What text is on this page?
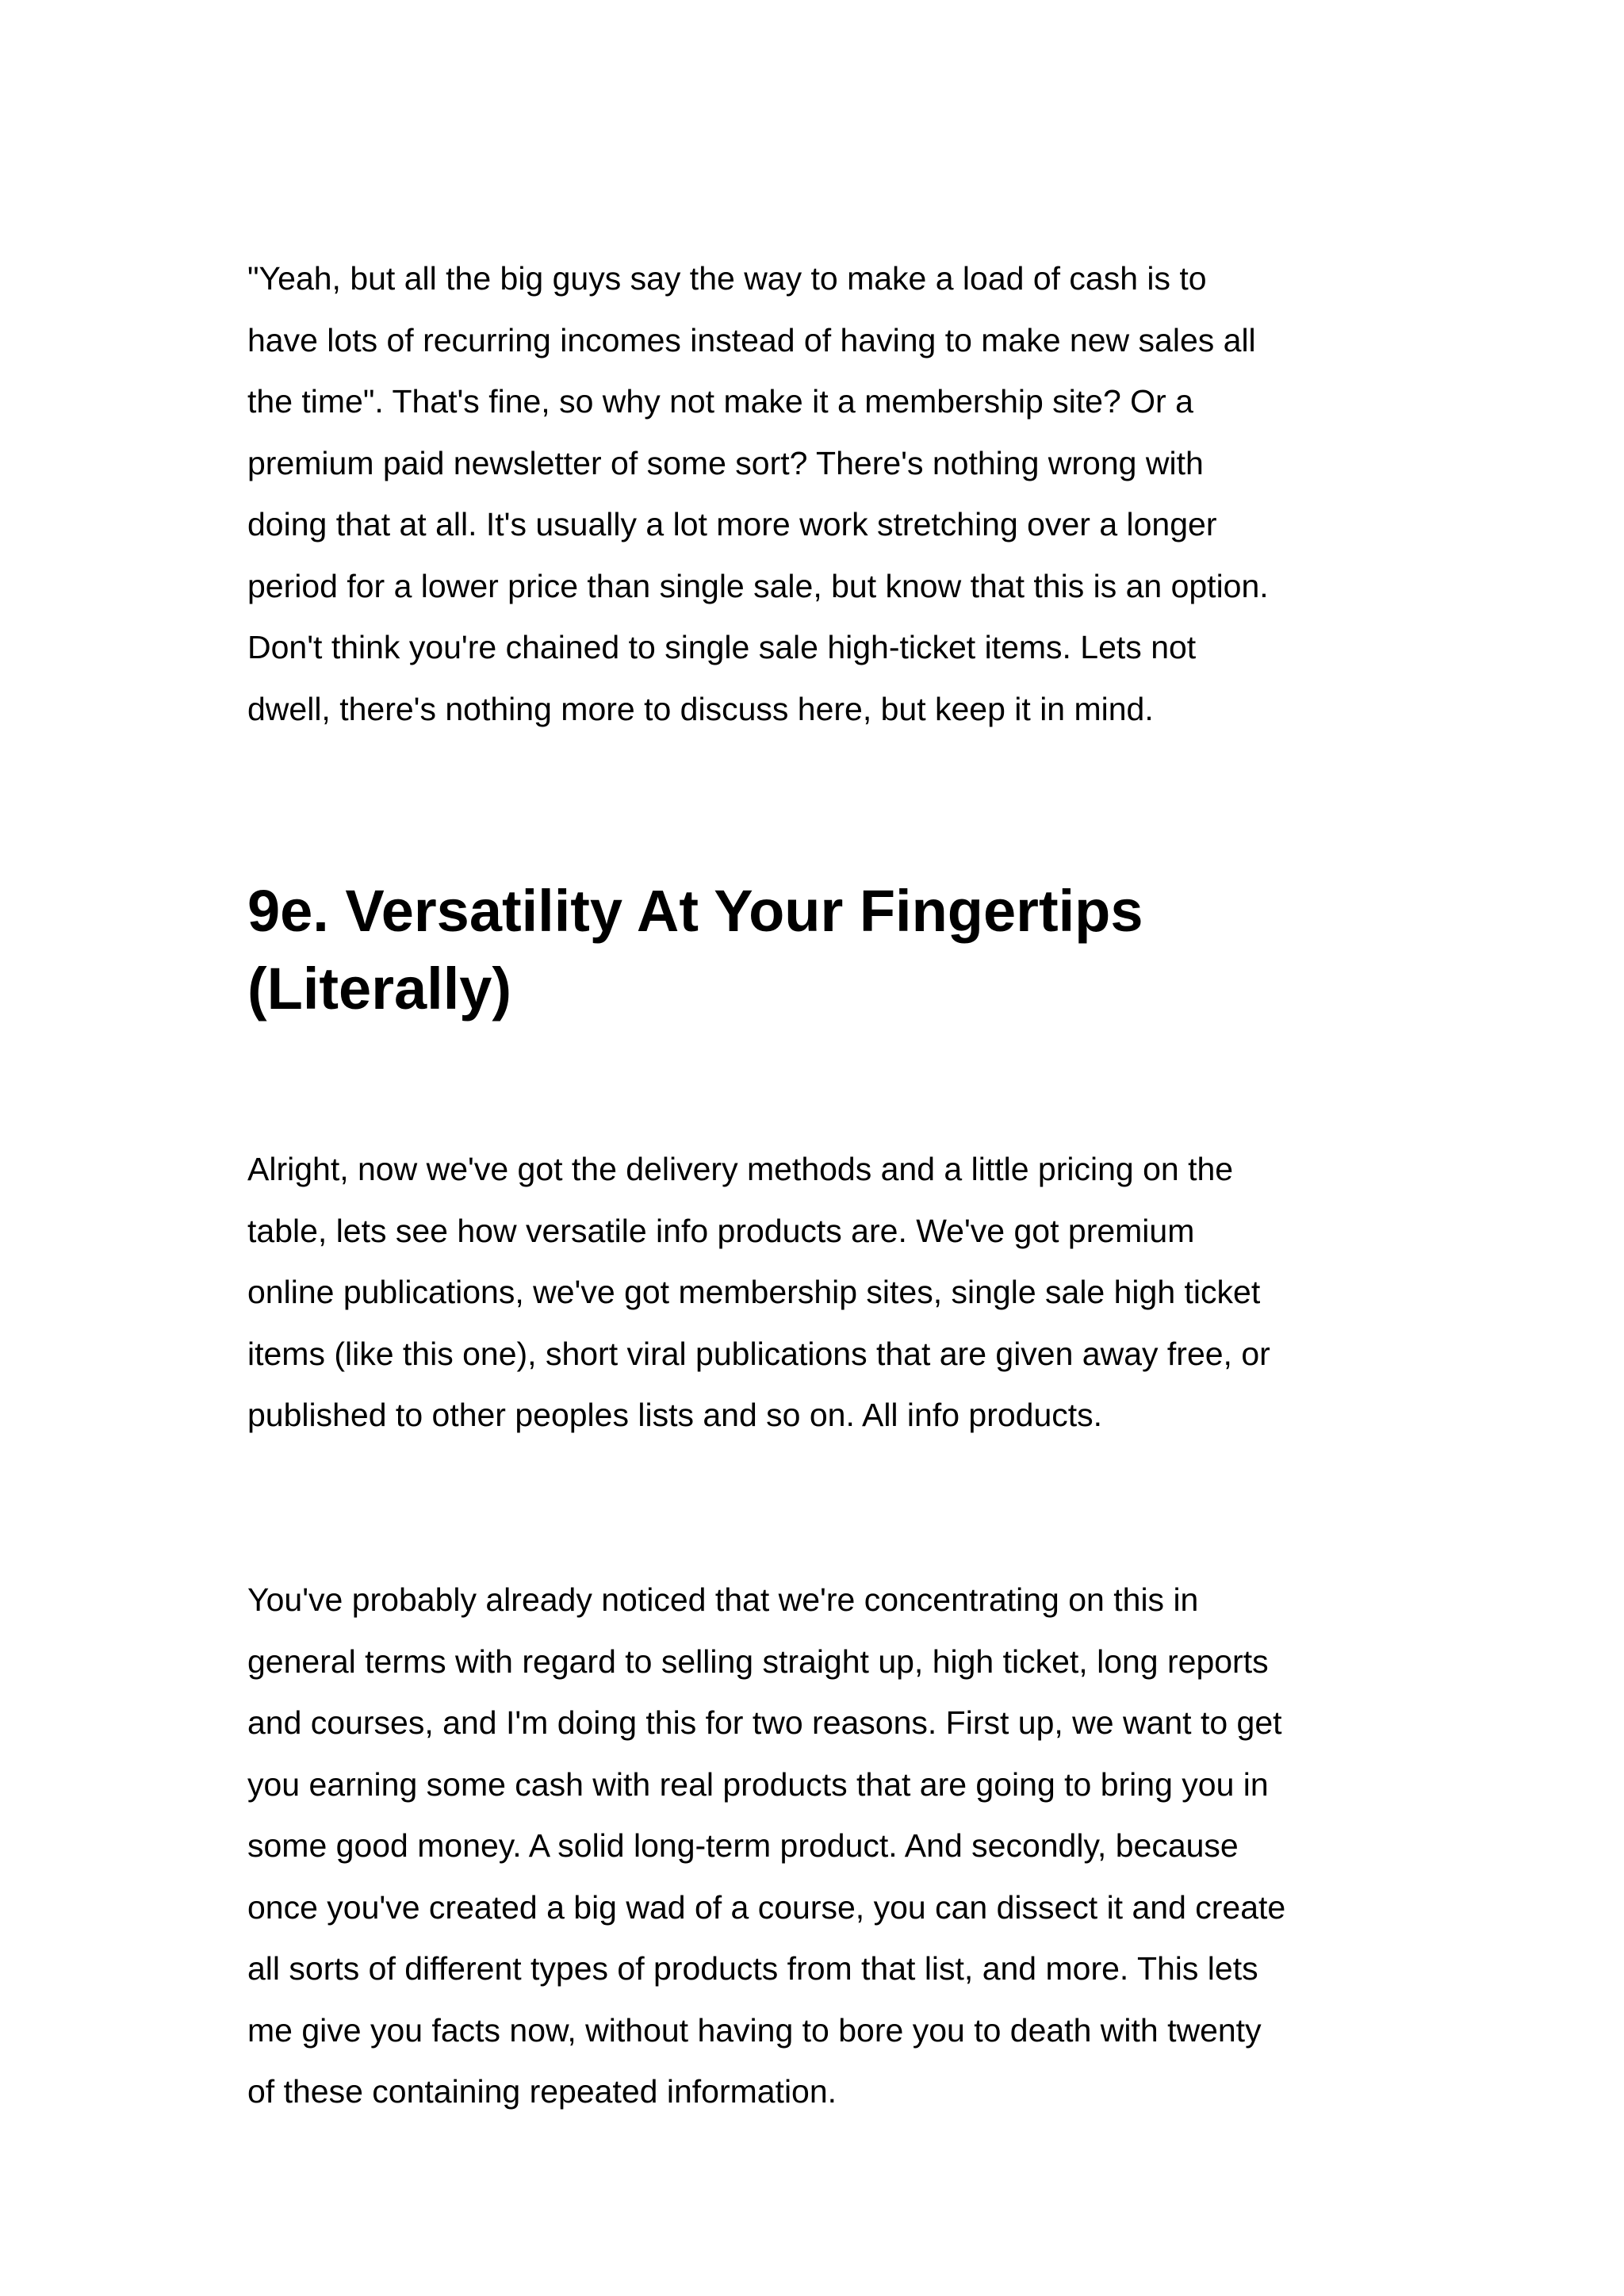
"Yeah, but all the big guys say the way to make a load of cash is to
have lots of recurring incomes instead of having to make new sales all
the time". That's fine, so why not make it a membership site? Or a
premium paid newsletter of some sort? There's nothing wrong with
doing that at all. It's usually a lot more work stretching over a longer
period for a lower price than single sale, but know that this is an option.
Don't think you're chained to single sale high-ticket items. Lets not
dwell, there's nothing more to discuss here, but keep it in mind.

9e. Versatility At Your Fingertips
(Literally)

Alright, now we've got the delivery methods and a little pricing on the
table, lets see how versatile info products are. We've got premium
online publications, we've got membership sites, single sale high ticket
items (like this one), short viral publications that are given away free, or
published to other peoples lists and so on. All info products.

You've probably already noticed that we're concentrating on this in
general terms with regard to selling straight up, high ticket, long reports
and courses, and I'm doing this for two reasons. First up, we want to get
you earning some cash with real products that are going to bring you in
some good money. A solid long-term product. And secondly, because
once you've created a big wad of a course, you can dissect it and create
all sorts of different types of products from that list, and more. This lets
me give you facts now, without having to bore you to death with twenty
of these containing repeated information.
